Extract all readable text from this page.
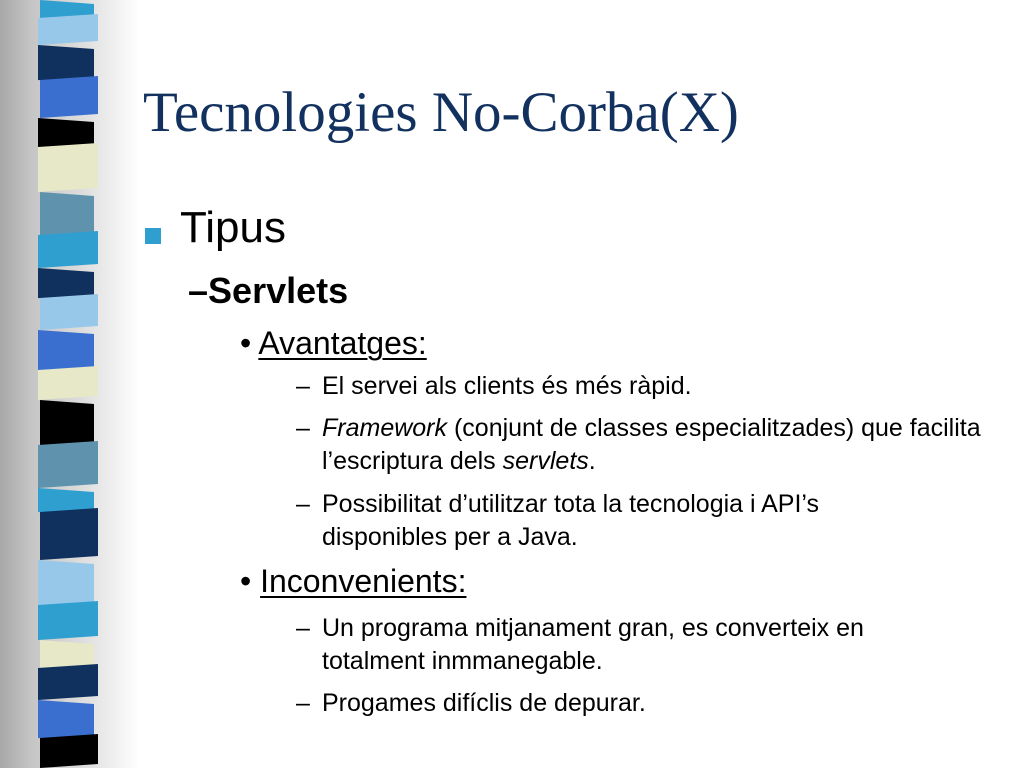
Tecnologies No-Corba(X)
Tipus
–Servlets
• Avantatges:
– El servei als clients és més ràpid.
– Framework (conjunt de classes especialitzades) que facilita l’escriptura dels servlets.
– Possibilitat d’utilitzar tota la tecnologia i API’s disponibles per a Java.
• Inconvenients:
– Un programa mitjanament gran, es converteix en totalment inmmanegable.
– Progames difíclis de depurar.
